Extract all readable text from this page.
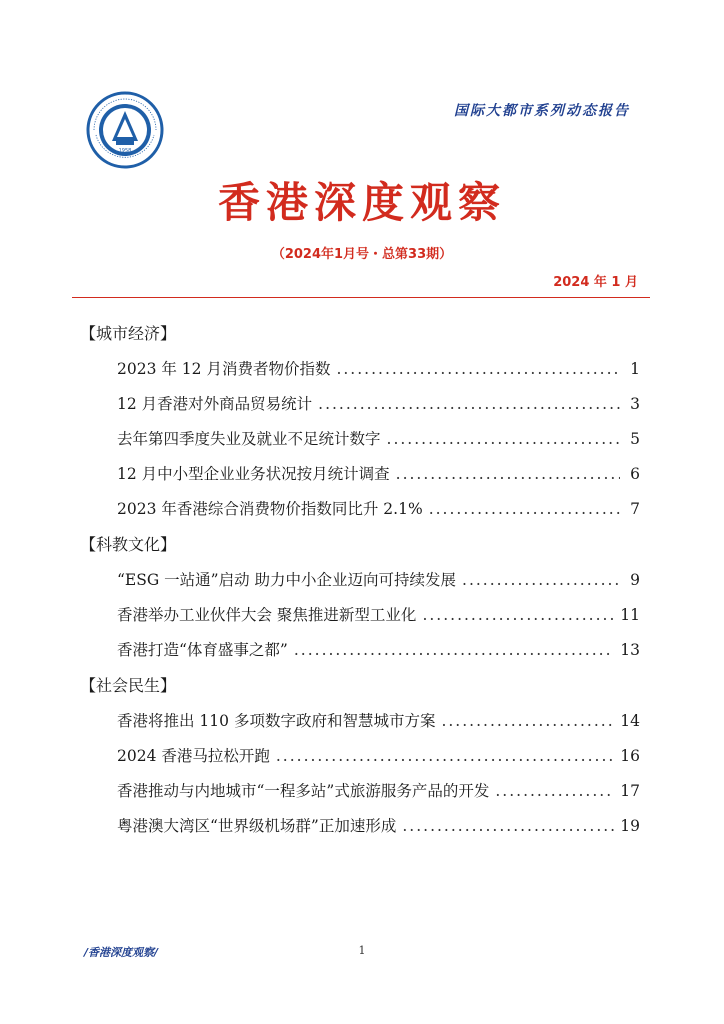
1958
国际大都市系列动态报告
香港深度观察
（2024年1月号・总第33期）
2024 年 1 月
【城市经济】
2023 年 12 月消费者物价指数 .....	1
12 月香港对外商品贸易统计 .....	3
去年第四季度失业及就业不足统计数字 .....	5
12 月中小型企业业务状况按月统计调查 .....	6
2023 年香港综合消费物价指数同比升 2.1% .....	7
【科教文化】
“ESG 一站通”启动 助力中小企业迈向可持续发展 .....	9
香港举办工业伙伴大会 聚焦推进新型工业化 .....	11
香港打造“体育盛事之都” .....	13
【社会民生】
香港将推出 110 多项数字政府和智慧城市方案 .....	14
2024 香港马拉松开跑 .....	16
香港推动与内地城市“一程多站”式旅游服务产品的开发 .....	17
粤港澳大湾区“世界级机场群”正加速形成 .....	19
/香港深度观察/	1
